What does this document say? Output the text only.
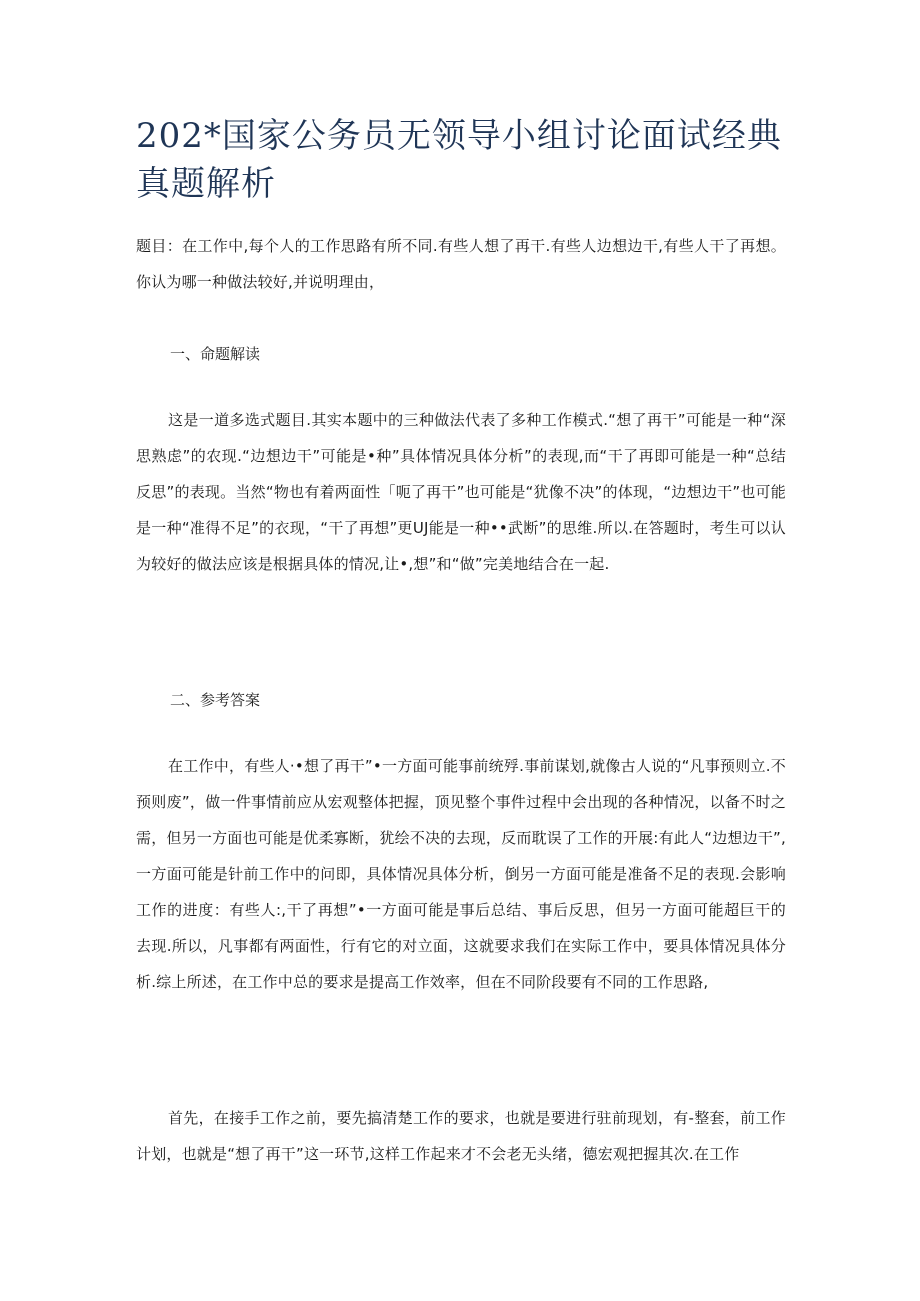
202*国家公务员无领导小组讨论面试经典真题解析

题目：在工作中,每个人的工作思路有所不同.有些人想了再干.有些人边想边干,有些人干了再想。你认为哪一种做法较好,并说明理由，

一、命题解读

这是一道多选式题目.其实本题中的三种做法代表了多种工作模式.“想了再干”可能是一种“深思熟虑”的农现.“边想边干”可能是•种”具体情况具体分析”的表现,而“干了再即可能是一种“总结反思”的表现。当然“物也有着两面性「呃了再干”也可能是“犹像不决”的体现，“边想边干”也可能是一种“准得不足”的衣现，“干了再想”更UJ能是一种••武断”的思维.所以.在答题时，考生可以认为较好的做法应该是根据具体的情况,让•,想”和“做”完美地结合在一起.

二、参考答案

在工作中，有些人·•想了再干”•一方面可能事前统殍.事前谋划,就像古人说的“凡事预则立.不预则废”，做一件事情前应从宏观整体把握，顶见整个事件过程中会出现的各种情况，以备不时之需，但另一方面也可能是优柔寡断，犹绘不决的去现，反而耽误了工作的开展:有此人“边想边干”,一方面可能是针前工作中的问即，具体情况具体分析，倒另一方面可能是准备不足的表现.会影响工作的进度：有些人:,干了再想”•一方面可能是事后总结、事后反思，但另一方面可能超巨干的去现.所以，凡事都有两面性，行有它的对立面，这就要求我们在实际工作中，要具体情况具体分析.综上所述，在工作中总的要求是提高工作效率，但在不同阶段要有不同的工作思路,

首先，在接手工作之前，要先搞清楚工作的要求，也就是要进行驻前现划，有-整套，前工作计划，也就是“想了再干”这一环节,这样工作起来才不会老无头绪，德宏观把握其次.在工作
